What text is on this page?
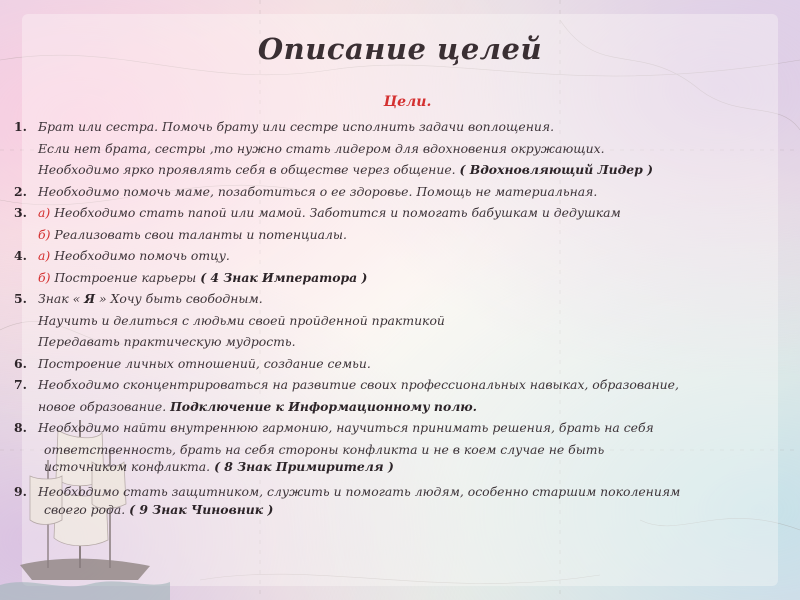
Описание целей
Цели.
1. Брат или сестра. Помочь брату или сестре исполнить задачи воплощения.
Если нет брата, сестры ,то нужно стать лидером для вдохновения окружающих.
Необходимо ярко проявлять себя в обществе через общение. ( Вдохновляющий Лидер )
2. Необходимо помочь маме, позаботиться о ее здоровье. Помощь не материальная.
3. а) Необходимо стать папой или мамой. Заботится и помогать бабушкам и дедушкам
б) Реализовать свои таланты и потенциалы.
4. а) Необходимо помочь отцу.
б) Построение карьеры ( 4 Знак Императора )
5. Знак « Я » Хочу быть свободным.
Научить и делиться с людьми своей пройденной практикой
Передавать практическую мудрость.
6. Построение личных отношений, создание семьи.
7. Необходимо сконцентрироваться на развитие своих профессиональных навыках, образование,
новое образование. Подключение к Информационному полю.
8. Необходимо найти внутреннюю гармонию, научиться принимать решения, брать на себя
ответственность, брать на себя стороны конфликта и не в коем случае не быть
источником конфликта. ( 8 Знак Примирителя )
9. Необходимо стать защитником, служить и помогать людям, особенно старшим поколениям
своего рода. ( 9 Знак Чиновник )
